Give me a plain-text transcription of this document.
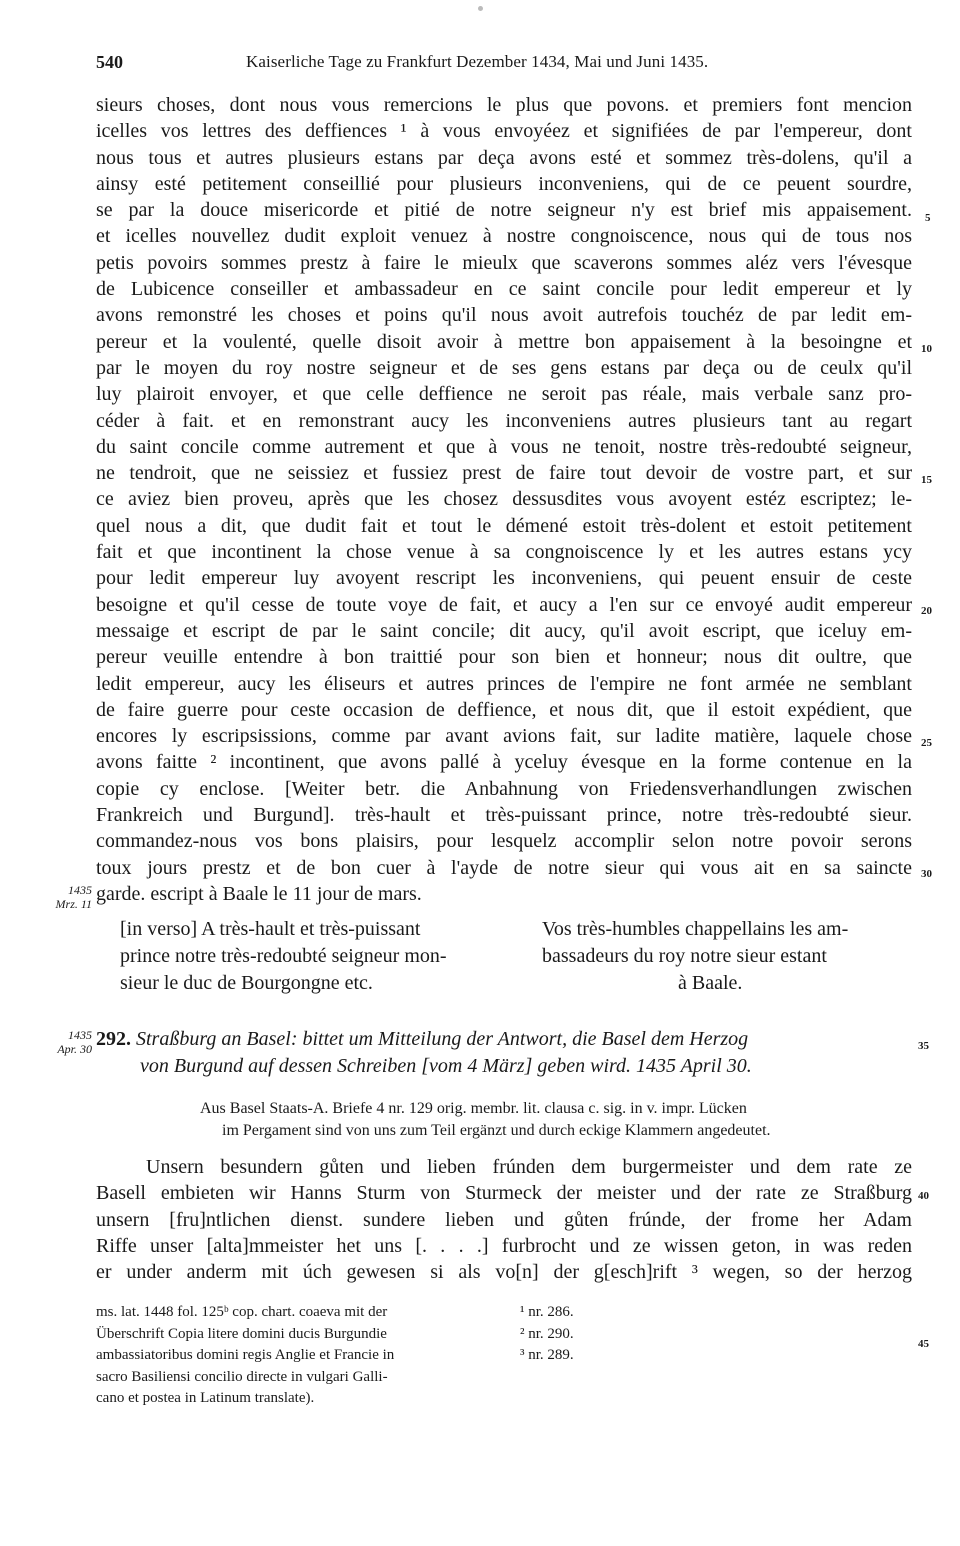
540	Kaiserliche Tage zu Frankfurt Dezember 1434, Mai und Juni 1435.
sieurs choses, dont nous vous remercions le plus que povons. et premiers font mencion
icelles vos lettres des deffiences ¹ à vous envoyéez et signifiées de par l'empereur, dont
nous tous et autres plusieurs estans par deça avons esté et sommez très-dolens, qu'il a
ainsy esté petitement conseillié pour plusieurs inconveniens, qui de ce peuent sourdre,
se par la douce misericorde et pitié de notre seigneur n'y est brief mis appaisement.
et icelles nouvellez dudit exploit venuez à nostre congnoiscence, nous qui de tous nos
petis povoirs sommes prestz à faire le mieulx que scaverons sommes aléz vers l'évesque
de Lubicence conseiller et ambassadeur en ce saint concile pour ledit empereur et ly
avons remonstré les choses et poins qu'il nous avoit autrefois touchéz de par ledit em-
pereur et la voulenté, quelle disoit avoir à mettre bon appaisement à la besoingne et
par le moyen du roy nostre seigneur et de ses gens estans par deça ou de ceulx qu'il
luy plairoit envoyer, et que celle deffience ne seroit pas réale, mais verbale sanz pro-
céder à fait. et en remonstrant aucy les inconveniens autres plusieurs tant au regart
du saint concile comme autrement et que à vous ne tenoit, nostre très-redoubté seigneur,
ne tendroit, que ne seissiez et fussiez prest de faire tout devoir de vostre part, et sur
ce aviez bien proveu, après que les chosez dessusdites vous avoyent estéz escriptez; le-
quel nous a dit, que dudit fait et tout le démené estoit très-dolent et estoit petitement
fait et que incontinent la chose venue à sa congnoiscence ly et les autres estans ycy
pour ledit empereur luy avoyent rescript les inconveniens, qui peuent ensuir de ceste
besoigne et qu'il cesse de toute voye de fait, et aucy a l'en sur ce envoyé audit empereur
messaige et escript de par le saint concile; dit aucy, qu'il avoit escript, que iceluy em-
pereur veuille entendre à bon traittié pour son bien et honneur; nous dit oultre, que
ledit empereur, aucy les éliseurs et autres princes de l'empire ne font armée ne semblant
de faire guerre pour ceste occasion de deffience, et nous dit, que il estoit expédient, que
encores ly escripsissions, comme par avant avions fait, sur ladite matière, laquele chose
avons faitte ² incontinent, que avons pallé à yceluy évesque en la forme contenue en la
copie cy enclose. [Weiter betr. die Anbahnung von Friedensverhandlungen zwischen
Frankreich und Burgund]. très-hault et très-puissant prince, notre très-redoubté sieur.
commandez-nous vos bons plaisirs, pour lesquelz accomplir selon notre povoir serons
toux jours prestz et de bon cuer à l'ayde de notre sieur qui vous ait en sa saincte
garde. escript à Baale le 11 jour de mars.
5
10
15
20
25
30
1435
Mrz. 11
[in verso] A très-hault et très-puissant
prince notre très-redoubté seigneur mon-
sieur le duc de Bourgongne etc.
Vos très-humbles chappellains les am-
bassadeurs du roy notre sieur estant
à Baale.
1435
Apr. 30 292. Straßburg an Basel: bittet um Mitteilung der Antwort, die Basel dem Herzog
von Burgund auf dessen Schreiben [vom 4 März] geben wird. 1435 April 30.
35
Aus Basel Staats-A. Briefe 4 nr. 129 orig. membr. lit. clausa c. sig. in v. impr. Lücken
im Pergament sind von uns zum Teil ergänzt und durch eckige Klammern angedeutet.
Unsern besundern gůten und lieben frúnden dem burgermeister und dem rate ze
Basell embieten wir Hanns Sturm von Sturmeck der meister und der rate ze Straßburg
unsern [fru]ntlichen dienst. sundere lieben und gůten frúnde, der frome her Adam
Riffe unser [alta]mmeister het uns [. . . .] furbrocht und ze wissen geton, in was reden
er under anderm mit úch gewesen si als vo[n] der g[esch]rift ³ wegen, so der herzog
40
ms. lat. 1448 fol. 125ᵇ cop. chart. coaeva mit der
Überschrift Copia litere domini ducis Burgundie
ambassiatoribus domini regis Anglie et Francie in
sacro Basiliensi concilio directe in vulgari Galli-
cano et postea in Latinum translate).
¹ nr. 286.
² nr. 290.
³ nr. 289.
45
